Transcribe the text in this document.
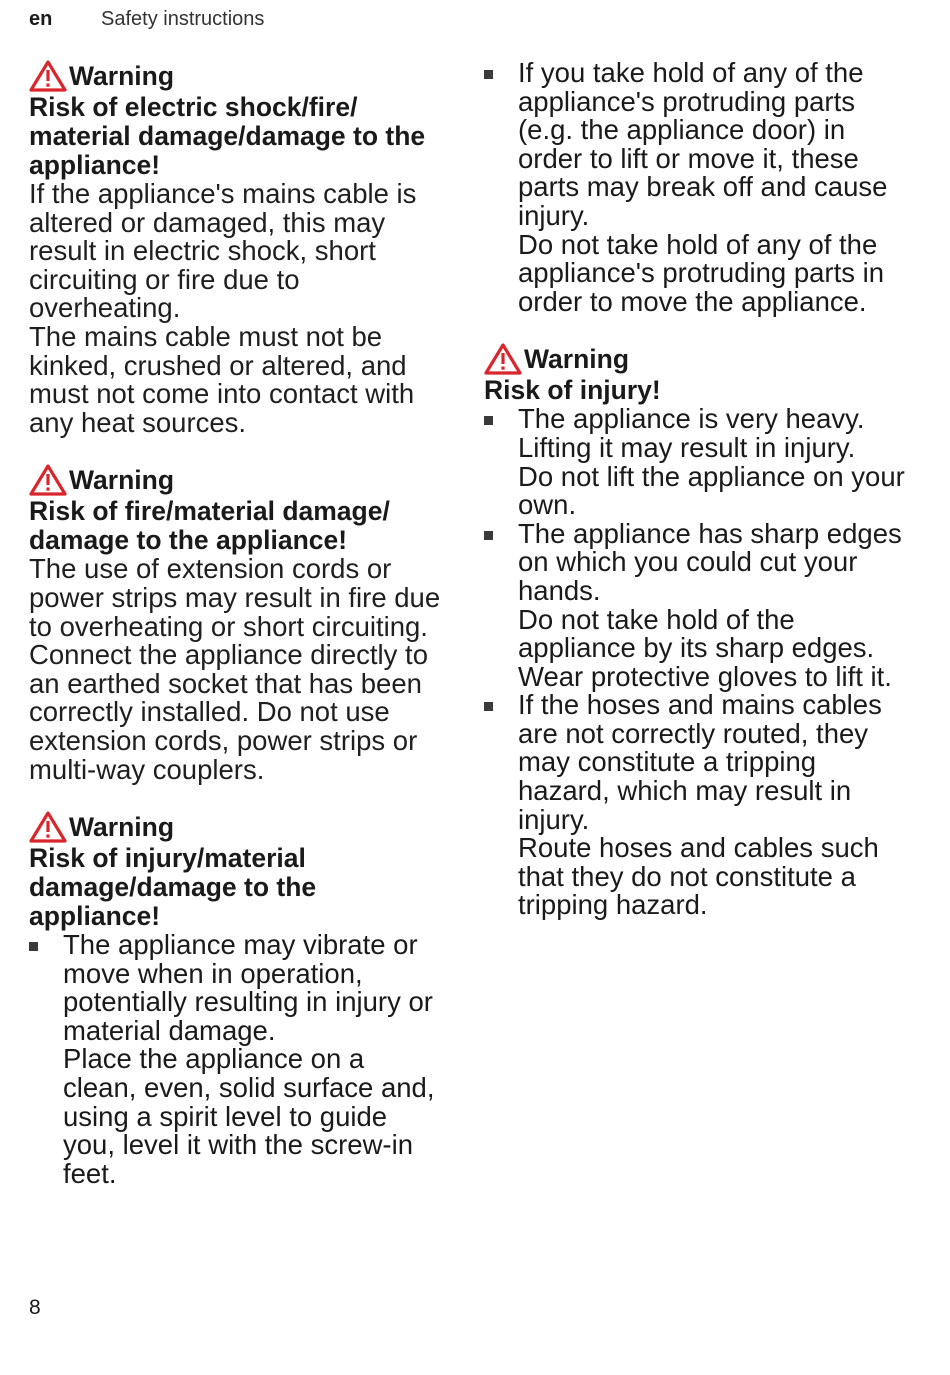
en	Safety instructions
Warning
Risk of electric shock/fire/ material damage/damage to the appliance!
If the appliance's mains cable is altered or damaged, this may result in electric shock, short circuiting or fire due to overheating.
The mains cable must not be kinked, crushed or altered, and must not come into contact with any heat sources.
Warning
Risk of fire/material damage/ damage to the appliance!
The use of extension cords or power strips may result in fire due to overheating or short circuiting.
Connect the appliance directly to an earthed socket that has been correctly installed. Do not use extension cords, power strips or multi-way couplers.
Warning
Risk of injury/material damage/damage to the appliance!
The appliance may vibrate or move when in operation, potentially resulting in injury or material damage.
Place the appliance on a clean, even, solid surface and, using a spirit level to guide you, level it with the screw-in feet.
If you take hold of any of the appliance's protruding parts (e.g. the appliance door) in order to lift or move it, these parts may break off and cause injury.
Do not take hold of any of the appliance's protruding parts in order to move the appliance.
Warning
Risk of injury!
The appliance is very heavy. Lifting it may result in injury.
Do not lift the appliance on your own.
The appliance has sharp edges on which you could cut your hands.
Do not take hold of the appliance by its sharp edges. Wear protective gloves to lift it.
If the hoses and mains cables are not correctly routed, they may constitute a tripping hazard, which may result in injury.
Route hoses and cables such that they do not constitute a tripping hazard.
8
